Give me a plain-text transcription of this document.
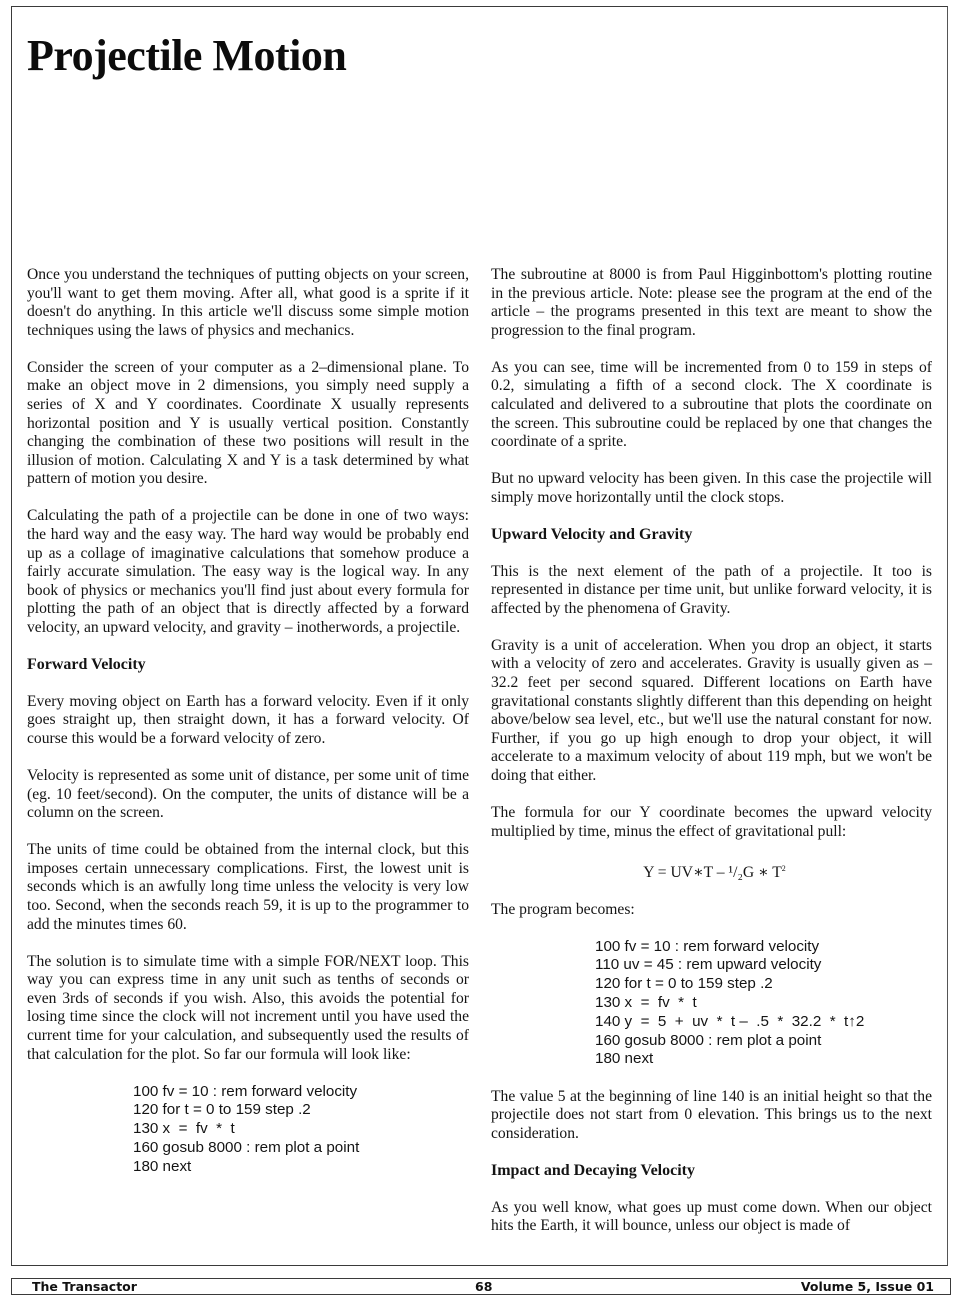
Projectile Motion

Once you understand the techniques of putting objects on your screen, you'll want to get them moving. After all, what good is a sprite if it doesn't do anything. In this article we'll discuss some simple motion techniques using the laws of physics and mechanics.

Consider the screen of your computer as a 2–dimensional plane. To make an object move in 2 dimensions, you simply need supply a series of X and Y coordinates. Coordinate X usually represents horizontal position and Y is usually vertical position. Constantly changing the combination of these two positions will result in the illusion of motion. Calculating X and Y is a task determined by what pattern of motion you desire.

Calculating the path of a projectile can be done in one of two ways: the hard way and the easy way. The hard way would be probably end up as a collage of imaginative calculations that somehow produce a fairly accurate simulation. The easy way is the logical way. In any book of physics or mechanics you'll find just about every formula for plotting the path of an object that is directly affected by a forward velocity, an upward velocity, and gravity – inotherwords, a projectile.

Forward Velocity

Every moving object on Earth has a forward velocity. Even if it only goes straight up, then straight down, it has a forward velocity. Of course this would be a forward velocity of zero.

Velocity is represented as some unit of distance, per some unit of time (eg. 10 feet/second). On the computer, the units of distance will be a column on the screen.

The units of time could be obtained from the internal clock, but this imposes certain unnecessary complications. First, the lowest unit is seconds which is an awfully long time unless the velocity is very low too. Second, when the seconds reach 59, it is up to the programmer to add the minutes times 60.

The solution is to simulate time with a simple FOR/NEXT loop. This way you can express time in any unit such as tenths of seconds or even 3rds of seconds if you wish. Also, this avoids the potential for losing time since the clock will not increment until you have used the current time for your calculation, and subsequently used the results of that calculation for the plot. So far our formula will look like:

100 fv = 10 : rem forward velocity
120 for t = 0 to 159 step .2
130 x  =  fv  *  t
160 gosub 8000 : rem plot a point
180 next

The subroutine at 8000 is from Paul Higginbottom's plotting routine in the previous article. Note: please see the program at the end of the article – the programs presented in this text are meant to show the progression to the final program.

As you can see, time will be incremented from 0 to 159 in steps of 0.2, simulating a fifth of a second clock. The X coordinate is calculated and delivered to a subroutine that plots the coordinate on the screen. This subroutine could be replaced by one that changes the coordinate of a sprite.

But no upward velocity has been given. In this case the projectile will simply move horizontally until the clock stops.

Upward Velocity and Gravity

This is the next element of the path of a projectile. It too is represented in distance per time unit, but unlike forward velocity, it is affected by the phenomena of Gravity.

Gravity is a unit of acceleration. When you drop an object, it starts with a velocity of zero and accelerates. Gravity is usually given as –32.2 feet per second squared. Different locations on Earth have gravitational constants slightly different than this depending on height above/below sea level, etc., but we'll use the natural constant for now. Further, if you go up high enough to drop your object, it will accelerate to a maximum velocity of about 119 mph, but we won't be doing that either.

The formula for our Y coordinate becomes the upward velocity multiplied by time, minus the effect of gravitational pull:

Y = UV∗T – ¹/₂G ∗ $T^2$

The program becomes:

100 fv = 10 : rem forward velocity
110 uv = 45 : rem upward velocity
120 for t = 0 to 159 step .2
130 x  =  fv  *  t
140 y  =  5  +  uv  *  t –  .5  *  32.2  *  t↑2
160 gosub 8000 : rem plot a point
180 next

The value 5 at the beginning of line 140 is an initial height so that the projectile does not start from 0 elevation. This brings us to the next consideration.

Impact and Decaying Velocity

As you well know, what goes up must come down. When our object hits the Earth, it will bounce, unless our object is made of

The Transactor	68	Volume 5, Issue 01
